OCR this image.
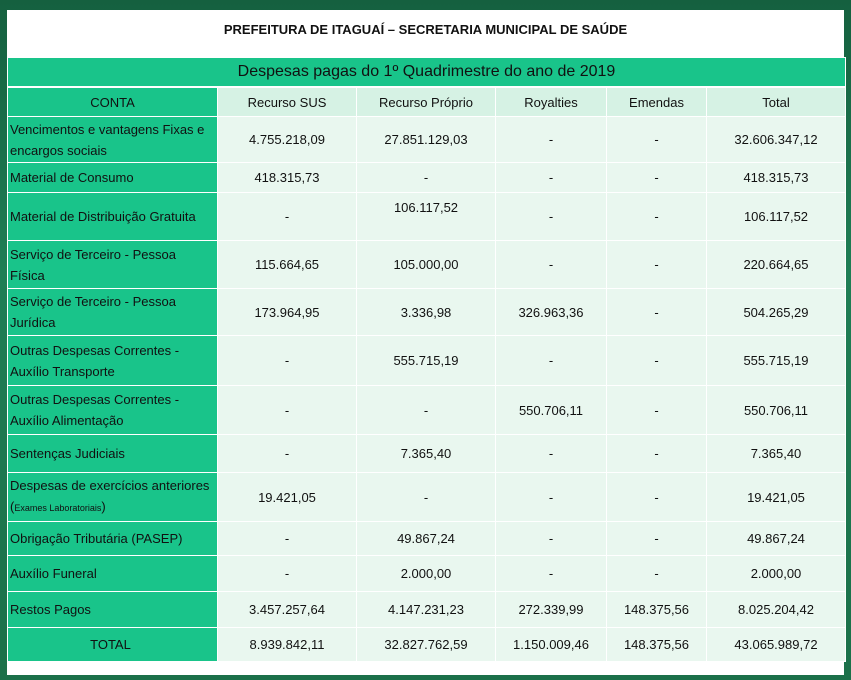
PREFEITURA DE ITAGUAÍ – SECRETARIA MUNICIPAL DE SAÚDE
Despesas pagas do 1º Quadrimestre do ano de 2019
CONTA	Recurso SUS	Recurso Próprio	Royalties	Emendas	Total
Vencimentos e vantagens Fixas e encargos sociais	4.755.218,09	27.851.129,03	-	-	32.606.347,12
Material de Consumo	418.315,73	-	-	-	418.315,73
Material de Distribuição Gratuita	-	106.117,52	-	-	106.117,52
Serviço de Terceiro - Pessoa Física	115.664,65	105.000,00	-	-	220.664,65
Serviço de Terceiro - Pessoa Jurídica	173.964,95	3.336,98	326.963,36	-	504.265,29
Outras Despesas Correntes - Auxílio Transporte	-	555.715,19	-	-	555.715,19
Outras Despesas Correntes - Auxílio Alimentação	-	-	550.706,11	-	550.706,11
Sentenças Judiciais	-	7.365,40	-	-	7.365,40
Despesas de exercícios anteriores (Exames Laboratoriais)	19.421,05	-	-	-	19.421,05
Obrigação Tributária (PASEP)	-	49.867,24	-	-	49.867,24
Auxílio Funeral	-	2.000,00	-	-	2.000,00
Restos Pagos	3.457.257,64	4.147.231,23	272.339,99	148.375,56	8.025.204,42
TOTAL	8.939.842,11	32.827.762,59	1.150.009,46	148.375,56	43.065.989,72
